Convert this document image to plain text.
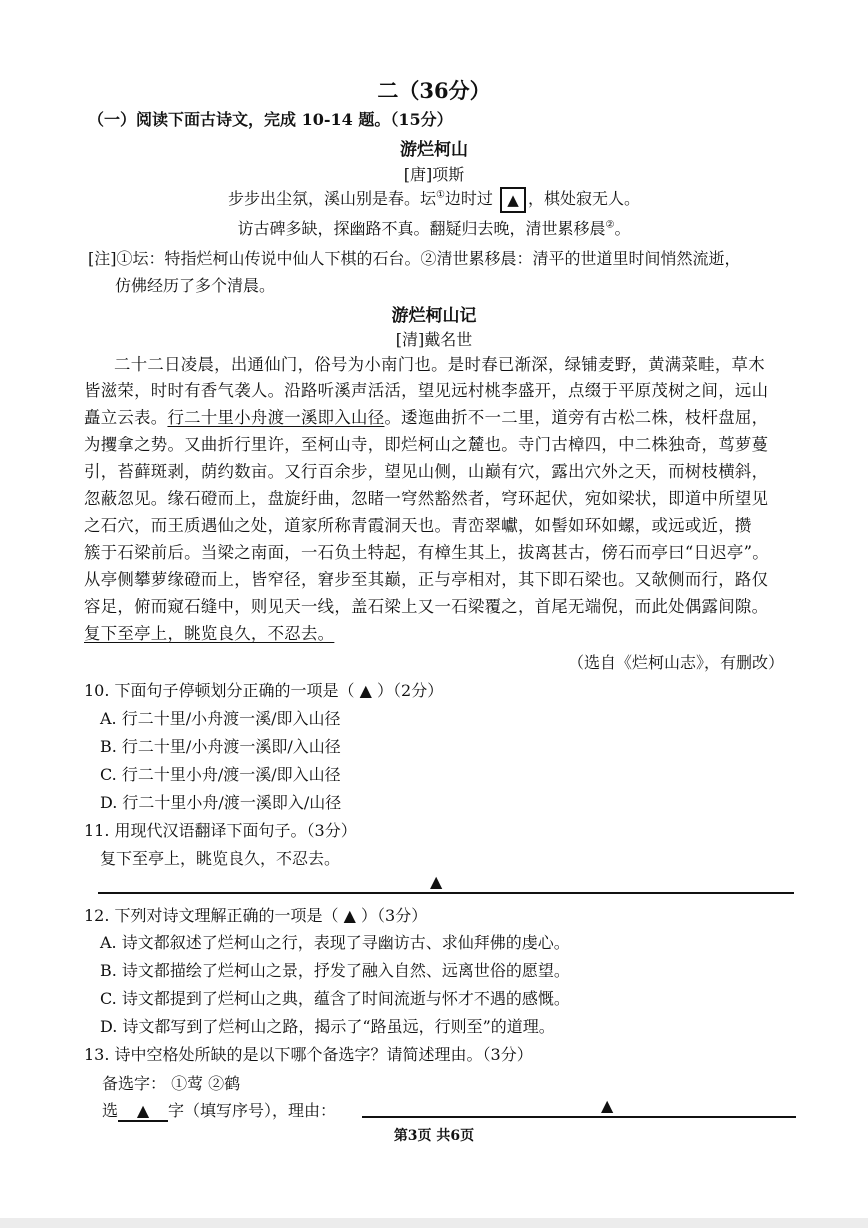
二（36分）
（一）阅读下面古诗文，完成 10-14 题。（15分）
游烂柯山
[唐]项斯
步步出尘氛，溪山别是春。坛①边时过 ▲ ，棋处寂无人。
访古碑多缺，探幽路不真。翻疑归去晚，清世累移晨②。
[注]①坛：特指烂柯山传说中仙人下棋的石台。②清世累移晨：清平的世道里时间悄然流逝，
仿佛经历了多个清晨。
游烂柯山记
[清]戴名世
二十二日凌晨，出通仙门，俗号为小南门也。是时春已渐深，绿铺麦野，黄满菜畦，草木
皆滋荣，时时有香气袭人。沿路听溪声活活，望见远村桃李盛开，点缀于平原茂树之间，远山
矗立云表。行二十里小舟渡一溪即入山径。逶迤曲折不一二里，道旁有古松二株，枝杆盘屈，
为攫拿之势。又曲折行里许，至柯山寺，即烂柯山之麓也。寺门古樟四，中二株独奇，茑萝蔓
引，苔藓斑剥，荫约数亩。又行百余步，望见山侧，山巅有穴，露出穴外之天，而树枝横斜，
忽蔽忽见。缘石磴而上，盘旋纡曲，忽睹一穹然豁然者，穹环起伏，宛如梁状，即道中所望见
之石穴，而王质遇仙之处，道家所称青霞洞天也。青峦翠巘，如髻如环如螺，或远或近，攒
簇于石梁前后。当梁之南面，一石负土特起，有樟生其上，拔离甚古，傍石而亭曰“日迟亭”。
从亭侧攀萝缘磴而上，皆窄径，窘步至其巅，正与亭相对，其下即石梁也。又欹侧而行，路仅
容足，俯而窥石缝中，则见天一线，盖石梁上又一石梁覆之，首尾无端倪，而此处偶露间隙。
复下至亭上，眺览良久，不忍去。
（选自《烂柯山志》，有删改）
10. 下面句子停顿划分正确的一项是（ ▲ ）（2分）
A. 行二十里/小舟渡一溪/即入山径
B. 行二十里/小舟渡一溪即/入山径
C. 行二十里小舟/渡一溪/即入山径
D. 行二十里小舟/渡一溪即入/山径
11. 用现代汉语翻译下面句子。（3分）
复下至亭上，眺览良久，不忍去。
▲
12. 下列对诗文理解正确的一项是（ ▲ ）（3分）
A. 诗文都叙述了烂柯山之行，表现了寻幽访古、求仙拜佛的虔心。
B. 诗文都描绘了烂柯山之景，抒发了融入自然、远离世俗的愿望。
C. 诗文都提到了烂柯山之典，蕴含了时间流逝与怀才不遇的感慨。
D. 诗文都写到了烂柯山之路，揭示了“路虽远，行则至”的道理。
13. 诗中空格处所缺的是以下哪个备选字？请简述理由。（3分）
备选字： ①莺 ②鹤
选 ▲ 字（填写序号），理由：	▲
第3页 共6页
